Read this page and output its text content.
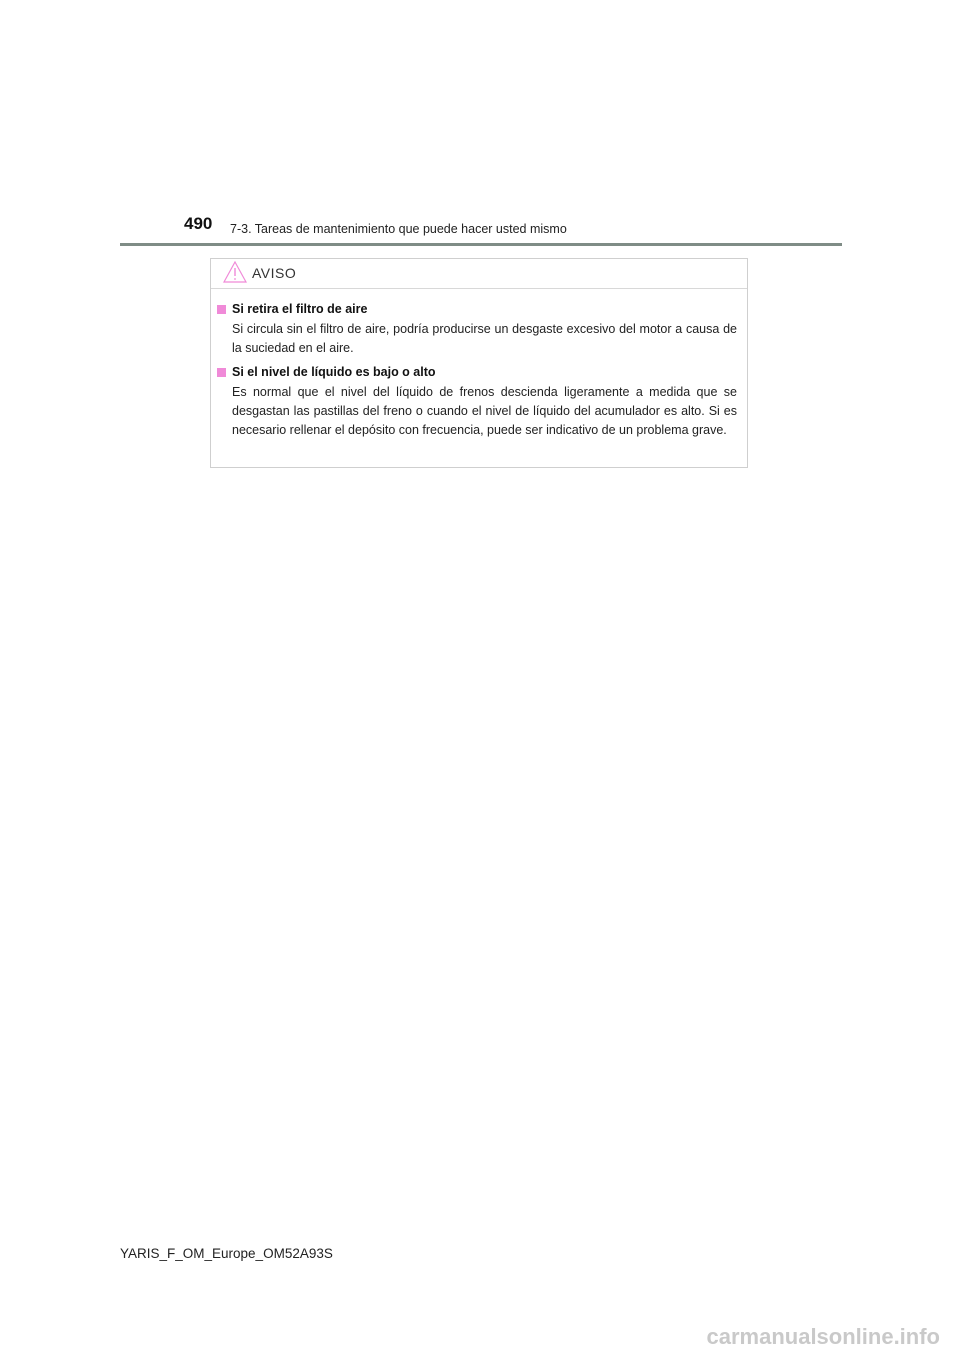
490 7-3. Tareas de mantenimiento que puede hacer usted mismo
AVISO
Si retira el filtro de aire
Si circula sin el filtro de aire, podría producirse un desgaste excesivo del motor a causa de la suciedad en el aire.
Si el nivel de líquido es bajo o alto
Es normal que el nivel del líquido de frenos descienda ligeramente a medida que se desgastan las pastillas del freno o cuando el nivel de líquido del acumulador es alto. Si es necesario rellenar el depósito con frecuencia, puede ser indicativo de un problema grave.
YARIS_F_OM_Europe_OM52A93S
carmanualsonline.info
